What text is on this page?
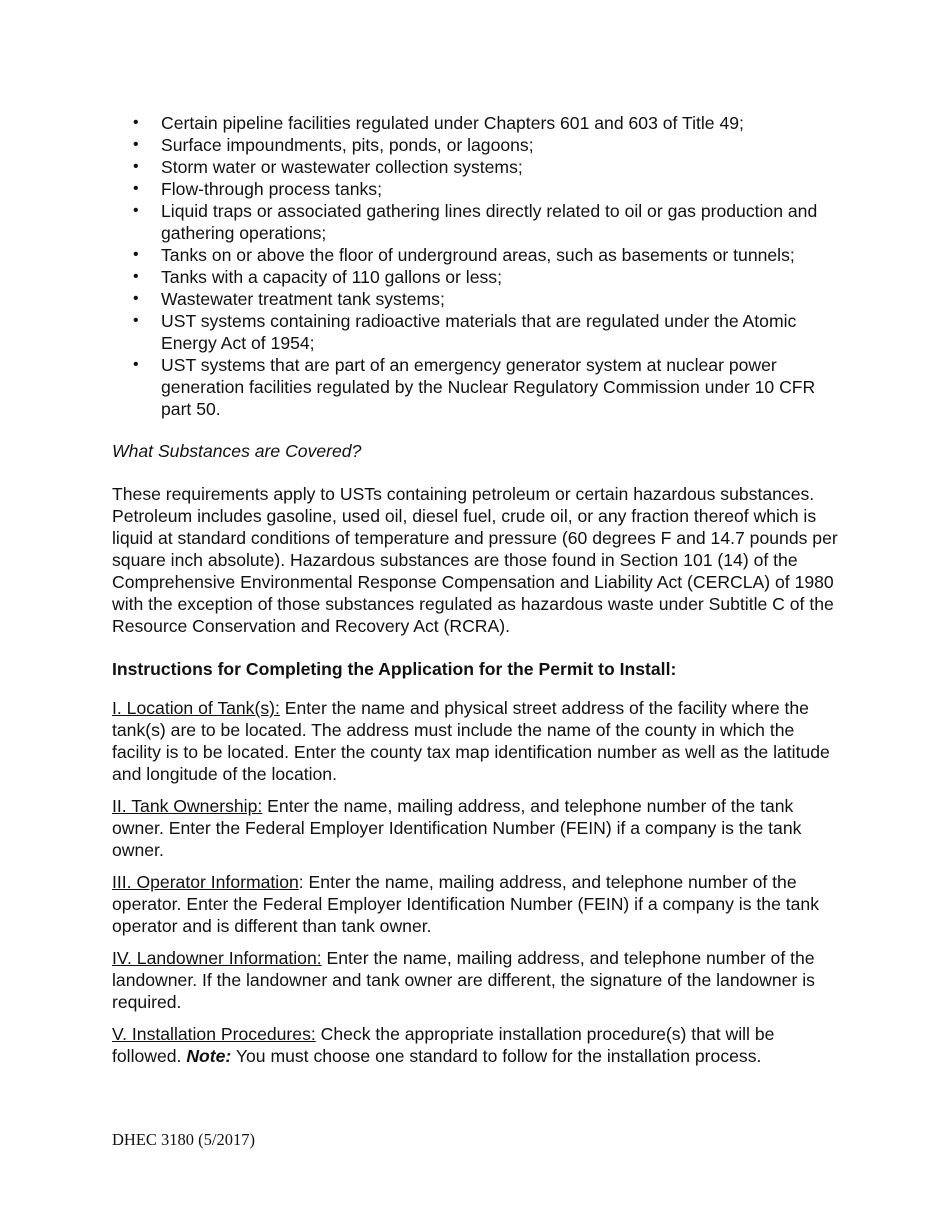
• Certain pipeline facilities regulated under Chapters 601 and 603 of Title 49;
• Surface impoundments, pits, ponds, or lagoons;
• Storm water or wastewater collection systems;
• Flow-through process tanks;
• Liquid traps or associated gathering lines directly related to oil or gas production and gathering operations;
• Tanks on or above the floor of underground areas, such as basements or tunnels;
• Tanks with a capacity of 110 gallons or less;
• Wastewater treatment tank systems;
• UST systems containing radioactive materials that are regulated under the Atomic Energy Act of 1954;
• UST systems that are part of an emergency generator system at nuclear power generation facilities regulated by the Nuclear Regulatory Commission under 10 CFR part 50.
What Substances are Covered?
These requirements apply to USTs containing petroleum or certain hazardous substances. Petroleum includes gasoline, used oil, diesel fuel, crude oil, or any fraction thereof which is liquid at standard conditions of temperature and pressure (60 degrees F and 14.7 pounds per square inch absolute). Hazardous substances are those found in Section 101 (14) of the Comprehensive Environmental Response Compensation and Liability Act (CERCLA) of 1980 with the exception of those substances regulated as hazardous waste under Subtitle C of the Resource Conservation and Recovery Act (RCRA).
Instructions for Completing the Application for the Permit to Install:
I. Location of Tank(s): Enter the name and physical street address of the facility where the tank(s) are to be located. The address must include the name of the county in which the facility is to be located. Enter the county tax map identification number as well as the latitude and longitude of the location.
II. Tank Ownership: Enter the name, mailing address, and telephone number of the tank owner. Enter the Federal Employer Identification Number (FEIN) if a company is the tank owner.
III. Operator Information: Enter the name, mailing address, and telephone number of the operator. Enter the Federal Employer Identification Number (FEIN) if a company is the tank operator and is different than tank owner.
IV. Landowner Information: Enter the name, mailing address, and telephone number of the landowner. If the landowner and tank owner are different, the signature of the landowner is required.
V. Installation Procedures: Check the appropriate installation procedure(s) that will be followed. Note: You must choose one standard to follow for the installation process.
DHEC 3180 (5/2017)
